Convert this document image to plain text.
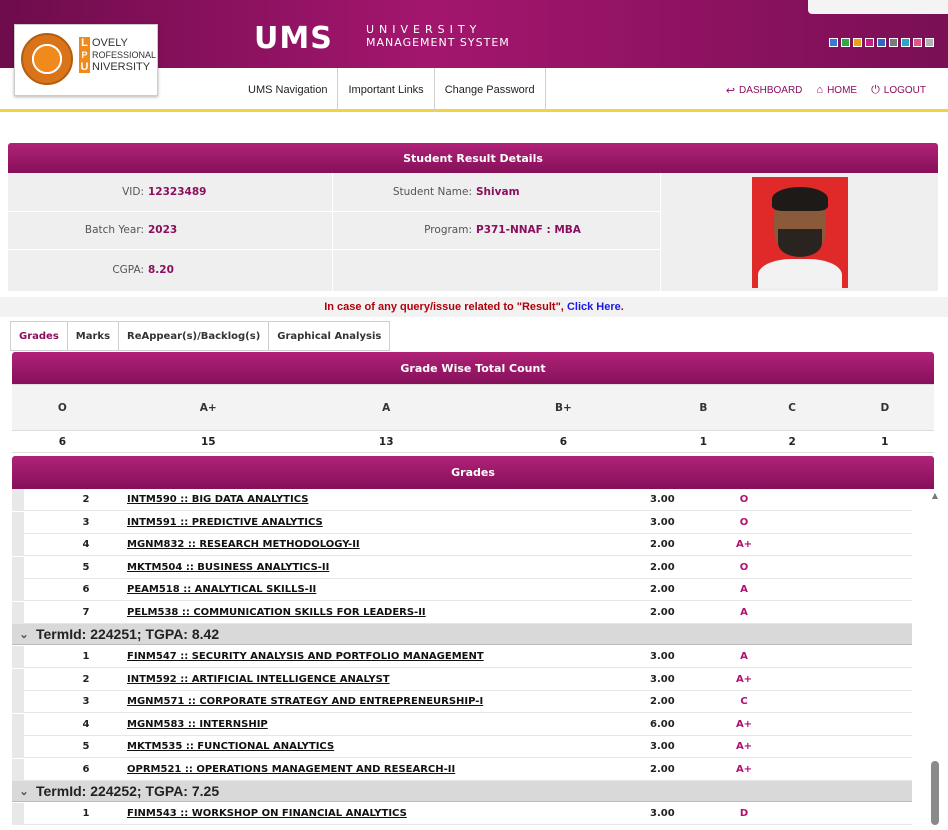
UMS	UNIVERSITY
MANAGEMENT SYSTEM
L OVELY
P ROFESSIONAL
U NIVERSITY
UMS Navigation	Important Links	Change Password	↩ DASHBOARD ⌂ HOME ⏻ LOGOUT
Student Result Details
VID: 12323489	Student Name: Shivam
Batch Year: 2023	Program: P371-NNAF : MBA
CGPA: 8.20
In case of any query/issue related to "Result", Click Here.
Grades	Marks	ReAppear(s)/Backlog(s)	Graphical Analysis
Grade Wise Total Count
O	A+	A	B+	B	C	D
6	15	13	6	1	2	1
Grades
2	INTM590 :: BIG DATA ANALYTICS	3.00	O
3	INTM591 :: PREDICTIVE ANALYTICS	3.00	O
4	MGNM832 :: RESEARCH METHODOLOGY-II	2.00	A+
5	MKTM504 :: BUSINESS ANALYTICS-II	2.00	O
6	PEAM518 :: ANALYTICAL SKILLS-II	2.00	A
7	PELM538 :: COMMUNICATION SKILLS FOR LEADERS-II	2.00	A
⌄ TermId: 224251; TGPA: 8.42
1	FINM547 :: SECURITY ANALYSIS AND PORTFOLIO MANAGEMENT	3.00	A
2	INTM592 :: ARTIFICIAL INTELLIGENCE ANALYST	3.00	A+
3	MGNM571 :: CORPORATE STRATEGY AND ENTREPRENEURSHIP-I	2.00	C
4	MGNM583 :: INTERNSHIP	6.00	A+
5	MKTM535 :: FUNCTIONAL ANALYTICS	3.00	A+
6	OPRM521 :: OPERATIONS MANAGEMENT AND RESEARCH-II	2.00	A+
⌄ TermId: 224252; TGPA: 7.25
1	FINM543 :: WORKSHOP ON FINANCIAL ANALYTICS	3.00	D
▲
